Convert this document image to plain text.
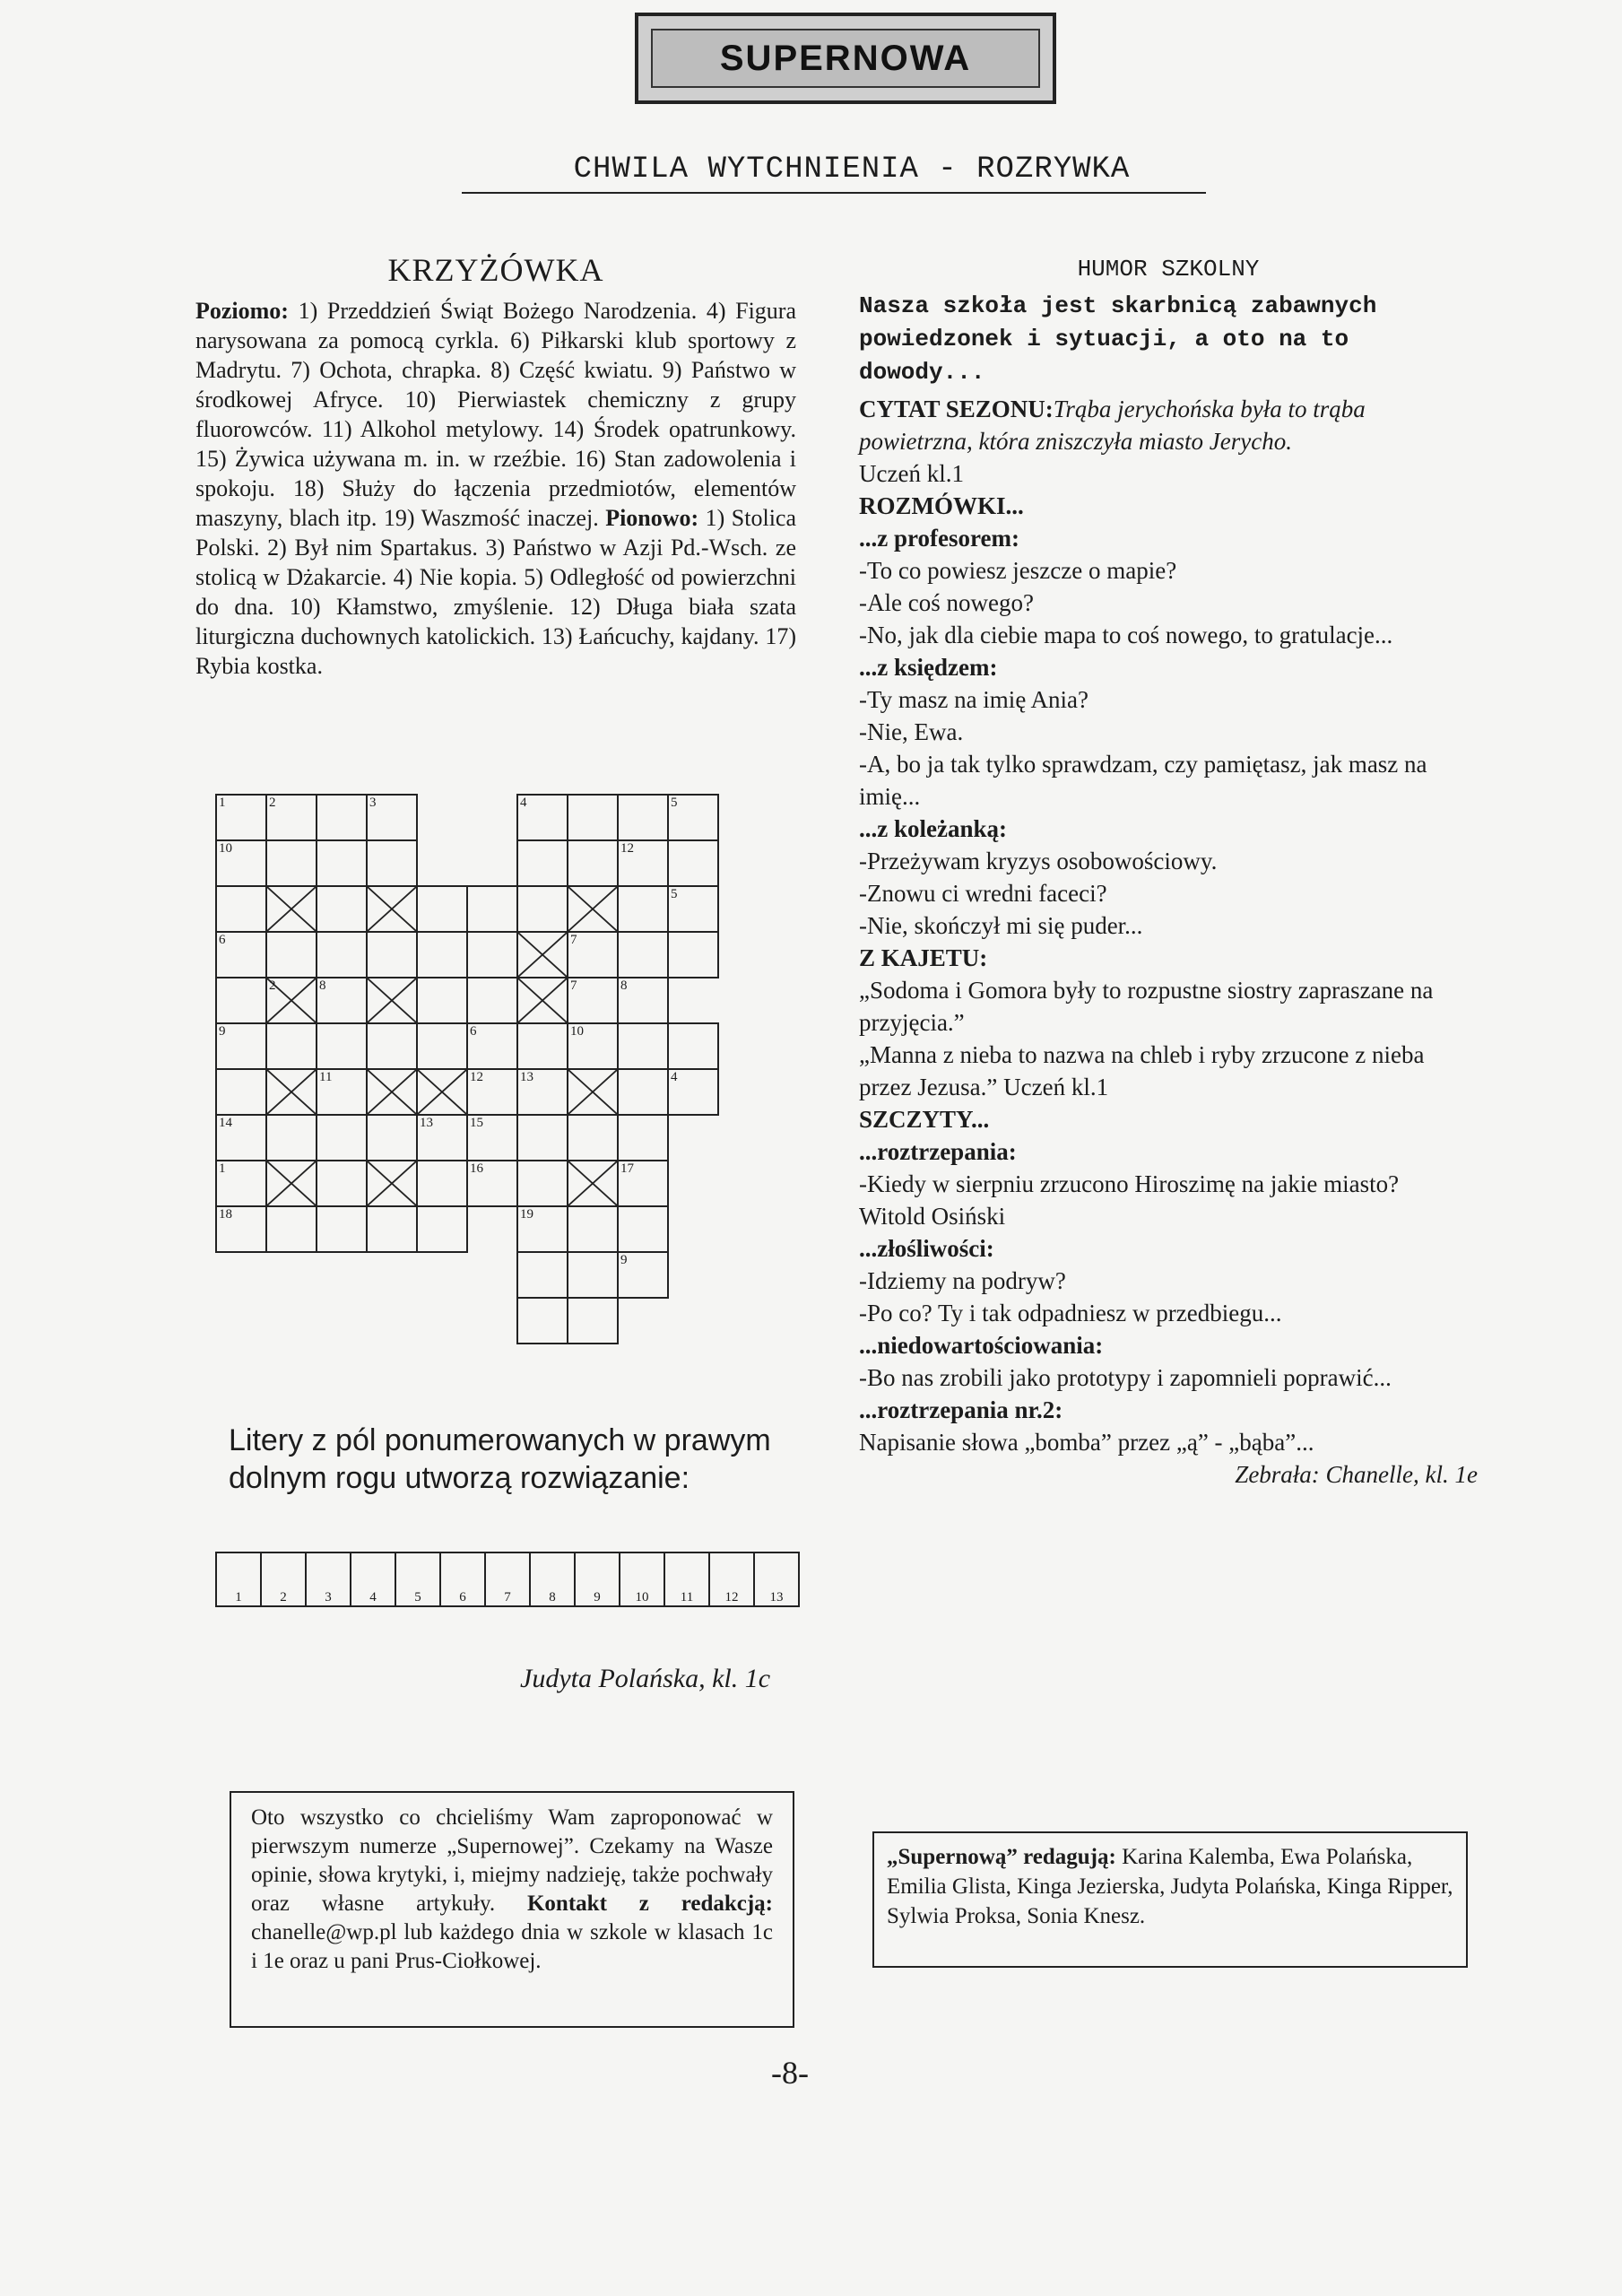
SUPERNOWA
CHWILA WYTCHNIENIA - ROZRYWKA
KRZYŻÓWKA

Poziomo: 1) Przeddzień Świąt Bożego Narodzenia. 4) Figura narysowana za pomocą cyrkla. 6) Piłkarski klub sportowy z Madrytu. 7) Ochota, chrapka. 8) Część kwiatu. 9) Państwo w środkowej Afryce. 10) Pierwiastek chemiczny z grupy fluorowców. 11) Alkohol metylowy. 14) Środek opatrunkowy. 15) Żywica używana m. in. w rzeźbie. 16) Stan zadowolenia i spokoju. 18) Służy do łączenia przedmiotów, elementów maszyny, blach itp. 19) Waszmość inaczej. Pionowo: 1) Stolica Polski. 2) Był nim Spartakus. 3) Państwo w Azji Pd.-Wsch. ze stolicą w Dżakarcie. 4) Nie kopia. 5) Odległość od powierzchni do dna. 10) Kłamstwo, zmyślenie. 12) Długa biała szata liturgiczna duchownych katolickich. 13) Łańcuchy, kajdany. 17) Rybia kostka.

1	2	3	4	5
10	12
5
6	7
2	8	7	8
9	6	10
11	12	13	4
14	13	15
1	16	17
18	19
9
Litery z pól ponumerowanych w prawym dolnym rogu utworzą rozwiązanie:
1	2	3	4	5	6	7	8	9	10	11	12	13
Judyta Polańska, kl. 1c
Oto wszystko co chcieliśmy Wam zaproponować w pierwszym numerze „Supernowej”. Czekamy na Wasze opinie, słowa krytyki, i, miejmy nadzieję, także pochwały oraz własne artykuły. Kontakt z redakcją: chanelle@wp.pl lub każdego dnia w szkole w klasach 1c i 1e oraz u pani Prus-Ciołkowej.
-8-
HUMOR SZKOLNY

Nasza szkoła jest skarbnicą zabawnych powiedzonek i sytuacji, a oto na to dowody...

CYTAT SEZONU:Trąba jerychońska była to trąba powietrzna, która zniszczyła miasto Jerycho.

Uczeń kl.1

ROZMÓWKI...

...z profesorem:

-To co powiesz jeszcze o mapie?

-Ale coś nowego?

-No, jak dla ciebie mapa to coś nowego, to gratulacje...

...z księdzem:

-Ty masz na imię Ania?

-Nie, Ewa.

-A, bo ja tak tylko sprawdzam, czy pamiętasz, jak masz na imię...

...z koleżanką:

-Przeżywam kryzys osobowościowy.

-Znowu ci wredni faceci?

-Nie, skończył mi się puder...

Z KAJETU:

„Sodoma i Gomora były to rozpustne siostry zapraszane na przyjęcia.”

„Manna z nieba to nazwa na chleb i ryby zrzucone z nieba przez Jezusa.” Uczeń kl.1

SZCZYTY...

...roztrzepania:

-Kiedy w sierpniu zrzucono Hiroszimę na jakie miasto?

Witold Osiński

...złośliwości:

-Idziemy na podryw?

-Po co? Ty i tak odpadniesz w przedbiegu...

...niedowartościowania:

-Bo nas zrobili jako prototypy i zapomnieli poprawić...

...roztrzepania nr.2:

Napisanie słowa „bomba” przez „ą” - „bąba”...

Zebrała: Chanelle, kl. 1e

„Supernową” redagują: Karina Kalemba, Ewa Polańska, Emilia Glista, Kinga Jezierska, Judyta Polańska, Kinga Ripper, Sylwia Proksa, Sonia Knesz.
